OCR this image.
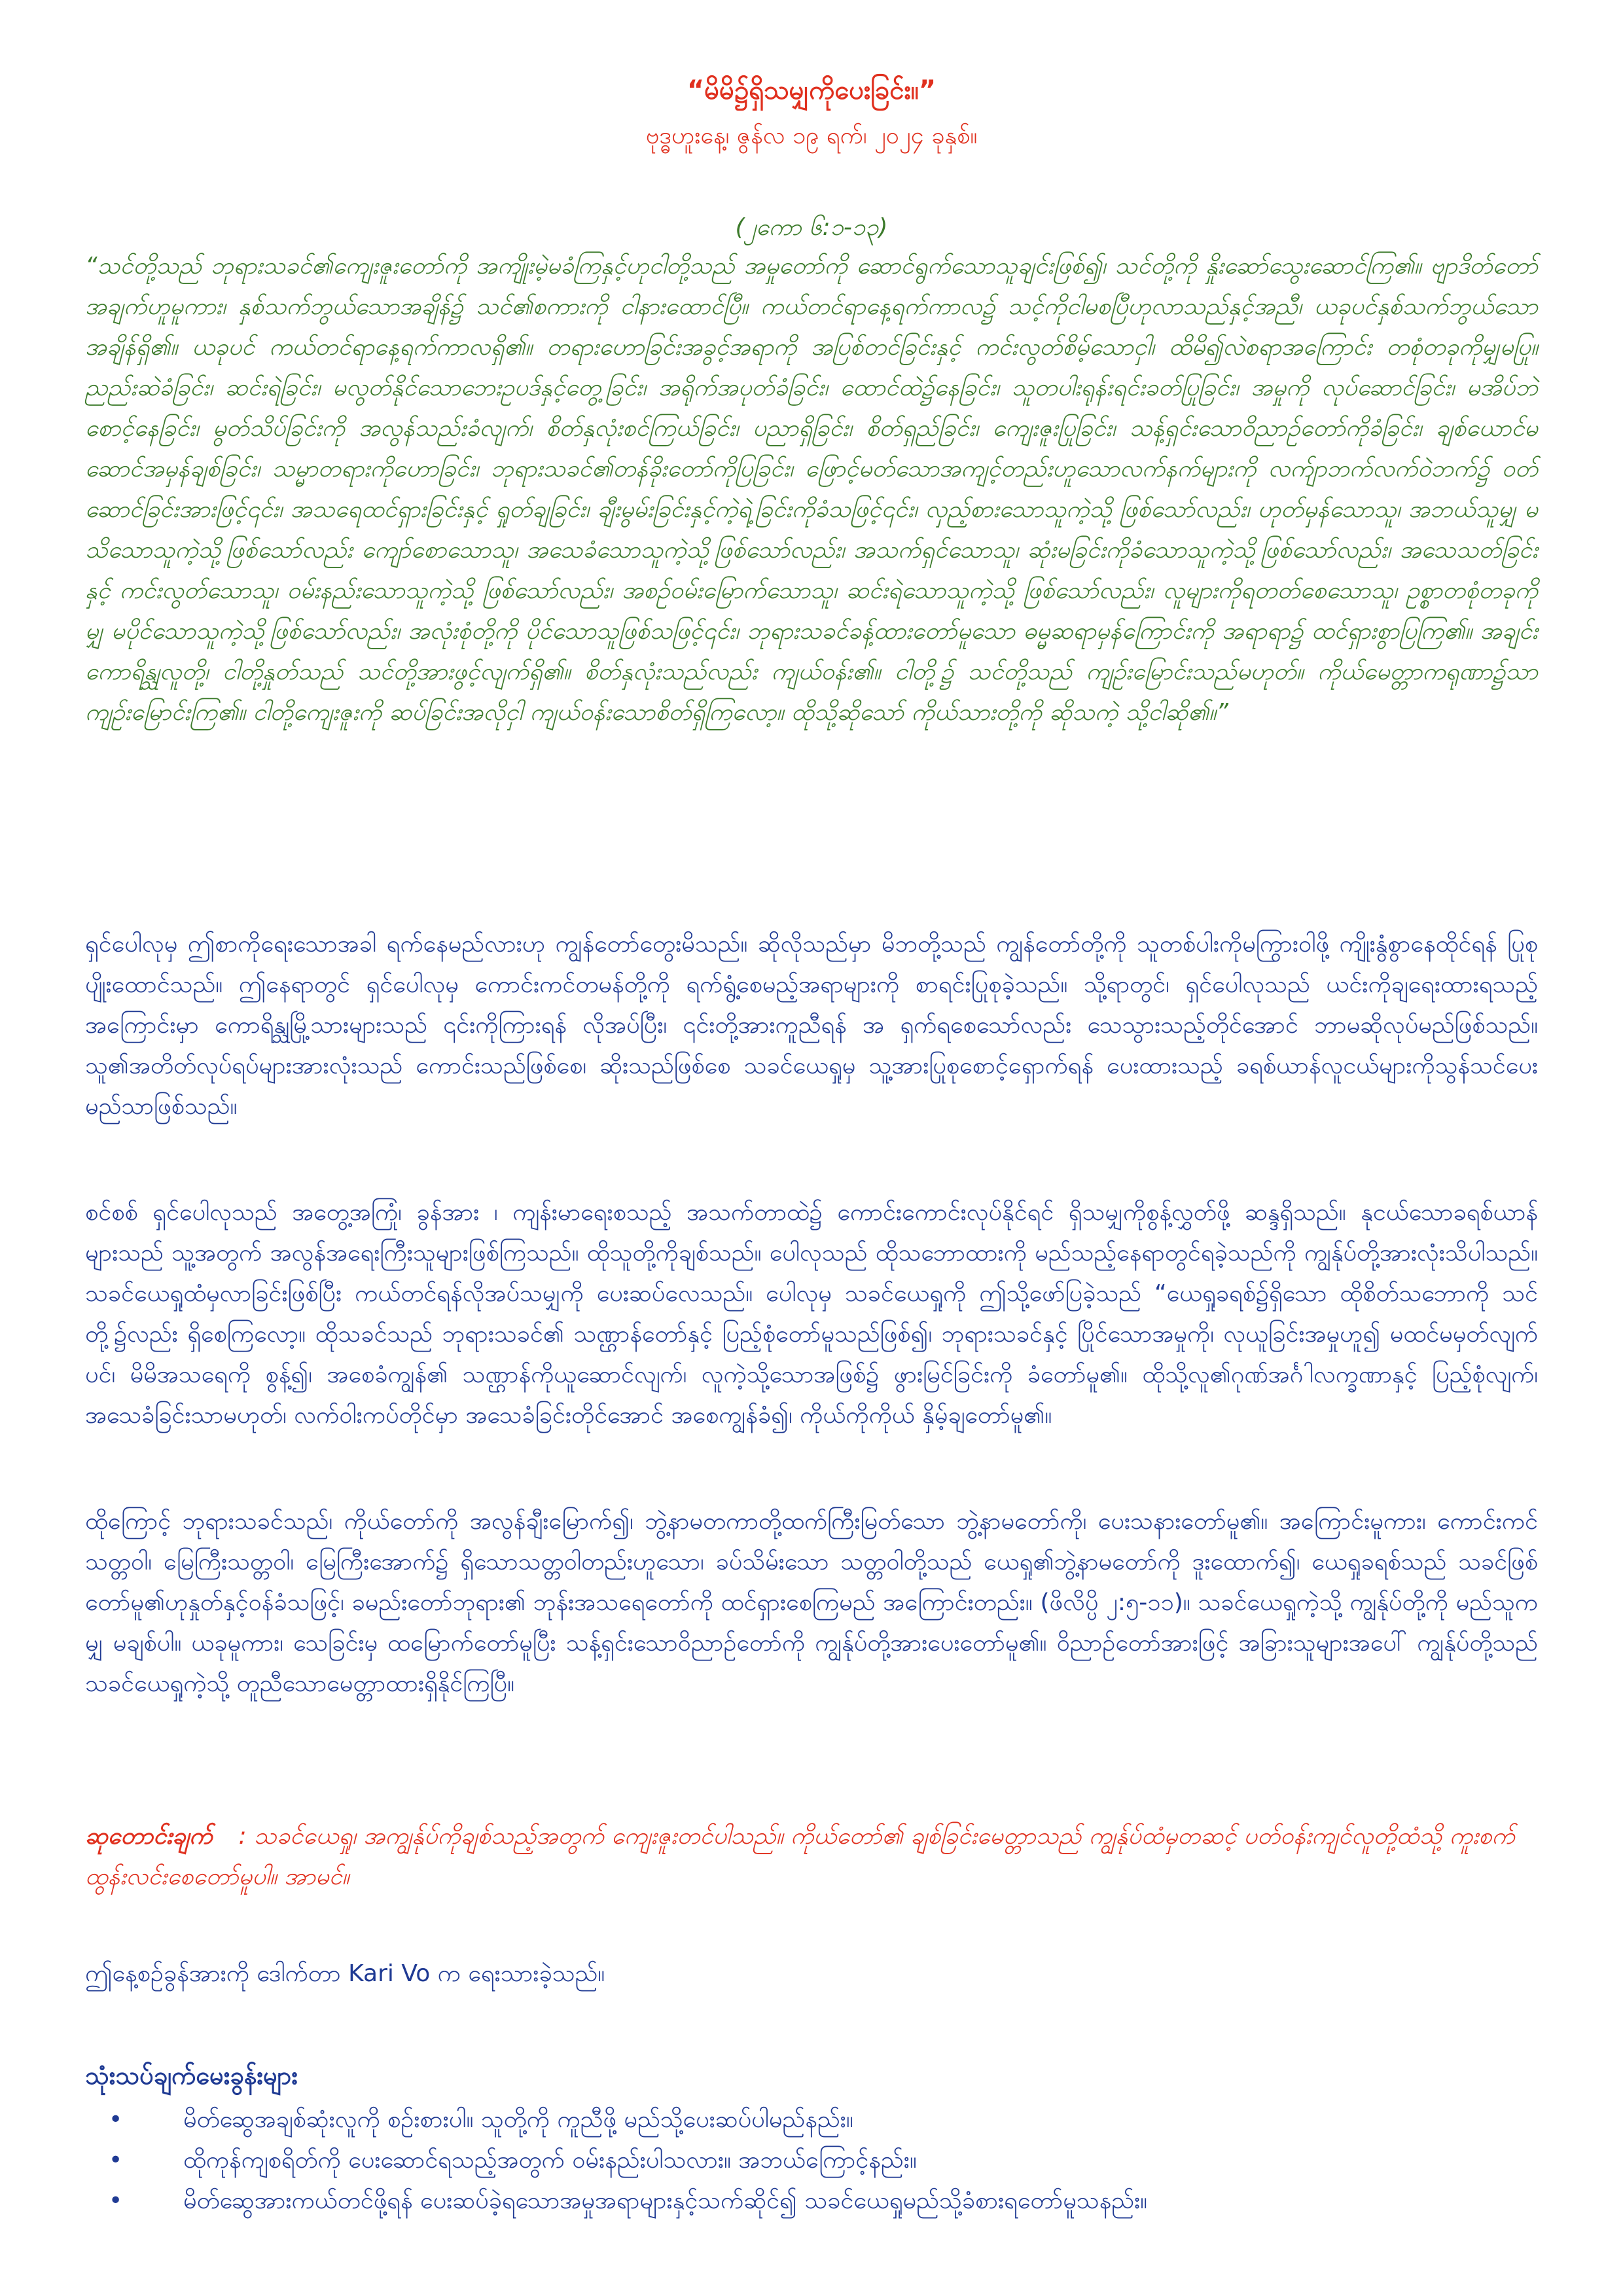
“မိမိ၌ရှိသမျှကိုပေးခြင်း။”
ဗုဒ္ဓဟူးနေ့၊ ဇွန်လ ၁၉ ရက်၊ ၂၀၂၄ ခုနှစ်။
(၂ကော ၆:၁-၁၃)
“သင်တို့သည် ဘုရားသခင်၏ကျေးဇူးတော်ကို အကျိုးမဲ့မခံကြနှင့်ဟုငါတို့သည် အမှုတော်ကို ဆောင်ရွက်သောသူချင်းဖြစ်၍၊ သင်တို့ကို နှိုးဆော်သွေးဆောင်ကြ၏။ ဗျာဒိတ်တော်အချက်ဟူမူကား၊ နှစ်သက်ဘွယ်သောအချိန်၌ သင်၏စကားကို ငါနားထောင်ပြီ။ ကယ်တင်ရာနေ့ရက်ကာလ၌ သင့်ကိုငါမစပြီဟုလာသည်နှင့်အညီ၊ ယခုပင်နှစ်သက်ဘွယ်သောအချိန်ရှိ၏။ ယခုပင် ကယ်တင်ရာနေ့ရက်ကာလရှိ၏။ တရားဟောခြင်းအခွင့်အရာကို အပြစ်တင်ခြင်းနှင့် ကင်းလွတ်စိမ့်သောငှါ၊ ထိမိ၍လဲစရာအကြောင်း တစုံတခုကိုမျှမပြု။ ညည်းဆဲခံခြင်း၊ ဆင်းရဲခြင်း၊ မလွတ်နိုင်သောဘေးဥပဒ်နှင့်တွေ့ခြင်း၊ အရိုက်အပုတ်ခံခြင်း၊ ထောင်ထဲ၌နေခြင်း၊ သူတပါးရုန်းရင်းခတ်ပြုခြင်း၊ အမှုကို လုပ်ဆောင်ခြင်း၊ မအိပ်ဘဲ စောင့်နေခြင်း၊ မွတ်သိပ်ခြင်းကို အလွန်သည်းခံလျက်၊ စိတ်နှလုံးစင်ကြယ်ခြင်း၊ ပညာရှိခြင်း၊ စိတ်ရှည်ခြင်း၊ ကျေးဇူးပြုခြင်း၊ သန့်ရှင်းသောဝိညာဉ်တော်ကိုခံခြင်း၊ ချစ်ယောင်မဆောင်အမှန်ချစ်ခြင်း၊ သမ္မာတရားကိုဟောခြင်း၊ ဘုရားသခင်၏တန်ခိုးတော်ကိုပြခြင်း၊ ဖြောင့်မတ်သောအကျင့်တည်းဟူသောလက်နက်များကို လက်ျာဘက်လက်ဝဲဘက်၌ ဝတ်ဆောင်ခြင်းအားဖြင့်၎င်း၊ အသရေထင်ရှားခြင်းနှင့် ရှုတ်ချခြင်း၊ ချီးမွမ်းခြင်းနှင့်ကဲ့ရဲ့ခြင်းကိုခံသဖြင့်၎င်း၊ လှည့်စားသောသူကဲ့သို့ ဖြစ်သော်လည်း၊ ဟုတ်မှန်သောသူ၊ အဘယ်သူမျှ မသိသောသူကဲ့သို့ဖြစ်သော်လည်း ကျော်စောသောသူ၊ အသေခံသောသူကဲ့သို့ဖြစ်သော်လည်း၊ အသက်ရှင်သောသူ၊ ဆုံးမခြင်းကိုခံသောသူကဲ့သို့ဖြစ်သော်လည်း၊ အသေသတ်ခြင်းနှင့် ကင်းလွတ်သောသူ၊ ဝမ်းနည်းသောသူကဲ့သို့ ဖြစ်သော်လည်း၊ အစဉ်ဝမ်းမြောက်သောသူ၊ ဆင်းရဲသောသူကဲ့သို့ ဖြစ်သော်လည်း၊ လူများကိုရတတ်စေသောသူ၊ ဥစ္စာတစုံတခုကိုမျှ မပိုင်သောသူကဲ့သို့ဖြစ်သော်လည်း၊ အလုံးစုံတို့ကို ပိုင်သောသူဖြစ်သဖြင့်၎င်း၊ ဘုရားသခင်ခန့်ထားတော်မူသော ဓမ္မဆရာမှန်ကြောင်းကို အရာရာ၌ ထင်ရှားစွာပြကြ၏။ အချင်းကောရိန္သုလူတို့၊ ငါတို့နှုတ်သည် သင်တို့အားဖွင့်လျက်ရှိ၏။ စိတ်နှလုံးသည်လည်း ကျယ်ဝန်း၏။ ငါတို့၌ သင်တို့သည် ကျဉ်းမြောင်းသည်မဟုတ်။ ကိုယ်မေတ္တာကရုဏာ၌သာ ကျဉ်းမြောင်းကြ၏။ ငါတို့ကျေးဇူးကို ဆပ်ခြင်းအလိုငှါ ကျယ်ဝန်းသောစိတ်ရှိကြလော့။ ထိုသို့ဆိုသော် ကိုယ်သားတို့ကို ဆိုသကဲ့ သို့ငါဆို၏။”
ရှင်ပေါလုမှ ဤစာကိုရေးသောအခါ ရက်နေမည်လားဟု ကျွန်တော်တွေးမိသည်။ ဆိုလိုသည်မှာ မိဘတို့သည် ကျွန်တော်တို့ကို သူတစ်ပါးကိုမကြွားဝါဖို့ ကျိုးနွံစွာနေထိုင်ရန် ပြုစုပျိုးထောင်သည်။ ဤနေရာတွင် ရှင်ပေါလုမှ ကောင်းကင်တမန်တို့ကို ရက်ရွံ့စေမည့်အရာများကို စာရင်းပြုစုခဲ့သည်။ သို့ရာတွင်၊ ရှင်ပေါလုသည် ယင်းကိုချရေးထားရသည့်အကြောင်းမှာ ကောရိန္သုမြို့သားများသည် ၎င်းကိုကြားရန် လိုအပ်ပြီး၊ ၎င်းတို့အားကူညီရန် အ ရှက်ရစေသော်လည်း သေသွားသည့်တိုင်အောင် ဘာမဆိုလုပ်မည်ဖြစ်သည်။ သူ၏အတိတ်လုပ်ရပ်များအားလုံးသည် ကောင်းသည်ဖြစ်စေ၊ ဆိုးသည်ဖြစ်စေ သခင်ယေရှုမှ သူ့အားပြုစုစောင့်ရှောက်ရန် ပေးထားသည့် ခရစ်ယာန်လူငယ်များကိုသွန်သင်ပေးမည်သာဖြစ်သည်။
စင်စစ် ရှင်ပေါလုသည် အတွေ့အကြုံ၊ ခွန်အား ၊ ကျန်းမာရေးစသည့် အသက်တာထဲ၌ ကောင်းကောင်းလုပ်နိုင်ရင် ရှိသမျှကိုစွန့်လွှတ်ဖို့ ဆန္ဒရှိသည်။ နုငယ်သောခရစ်ယာန်များသည် သူ့အတွက် အလွန်အရေးကြီးသူများဖြစ်ကြသည်။ ထိုသူတို့ကိုချစ်သည်။ ပေါလုသည် ထိုသဘောထားကို မည်သည့်နေရာတွင်ရခဲ့သည်ကို ကျွန်ုပ်တို့အားလုံးသိပါသည်။ သခင်ယေရှုထံမှလာခြင်းဖြစ်ပြီး ကယ်တင်ရန်လိုအပ်သမျှကို ပေးဆပ်လေသည်။ ပေါလုမှ သခင်ယေရှုကို ဤသို့ဖော်ပြခဲ့သည် “ယေရှုခရစ်၌ရှိသော ထိုစိတ်သဘောကို သင်တို့၌လည်း ရှိစေကြလော့။ ထိုသခင်သည် ဘုရားသခင်၏ သဏ္ဌာန်တော်နှင့် ပြည့်စုံတော်မူသည်ဖြစ်၍၊ ဘုရားသခင်နှင့် ပြိုင်သောအမှုကို၊ လုယူခြင်းအမှုဟူ၍ မထင်မမှတ်လျက်ပင်၊ မိမိအသရေကို စွန့်၍၊ အစေခံကျွန်၏ သဏ္ဌာန်ကိုယူဆောင်လျက်၊ လူကဲ့သို့သောအဖြစ်၌ ဖွားမြင်ခြင်းကို ခံတော်မူ၏။ ထိုသို့လူ၏ဂုဏ်အင်္ဂါလက္ခဏာနှင့် ပြည့်စုံလျက်၊ အသေခံခြင်းသာမဟုတ်၊ လက်ဝါးကပ်တိုင်မှာ အသေခံခြင်းတိုင်အောင် အစေကျွန်ခံ၍၊ ကိုယ်ကိုကိုယ် နှိမ့်ချတော်မူ၏။
ထိုကြောင့် ဘုရားသခင်သည်၊ ကိုယ်တော်ကို အလွန်ချီးမြောက်၍၊ ဘွဲ့နာမတကာတို့ထက်ကြီးမြတ်သော ဘွဲ့နာမတော်ကို၊ ပေးသနားတော်မူ၏။ အကြောင်းမူကား၊ ကောင်းကင်သတ္တဝါ၊ မြေကြီးသတ္တဝါ၊ မြေကြီးအောက်၌ ရှိသောသတ္တဝါတည်းဟူသော၊ ခပ်သိမ်းသော သတ္တဝါတို့သည် ယေရှု၏ဘွဲ့နာမတော်ကို ဒူးထောက်၍၊ ယေရှုခရစ်သည် သခင်ဖြစ်တော်မူ၏ဟုနှုတ်နှင့်ဝန်ခံသဖြင့်၊ ခမည်းတော်ဘုရား၏ ဘုန်းအသရေတော်ကို ထင်ရှားစေကြမည် အကြောင်းတည်း။ (ဖိလိပ္ပိ ၂:၅-၁၁)။ သခင်ယေရှုကဲ့သို့ ကျွန်ုပ်တို့ကို မည်သူကမျှ မချစ်ပါ။ ယခုမူကား၊ သေခြင်းမှ ထမြောက်တော်မူပြီး သန့်ရှင်းသောဝိညာဉ်တော်ကို ကျွန်ုပ်တို့အားပေးတော်မူ၏။ ဝိညာဉ်တော်အားဖြင့် အခြားသူများအပေါ် ကျွန်ုပ်တို့သည် သခင်ယေရှုကဲ့သို့ တူညီသောမေတ္တာထားရှိနိုင်ကြပြီ။
ဆုတောင်းချက် : သခင်ယေရှု၊ အကျွန်ုပ်ကိုချစ်သည့်အတွက် ကျေးဇူးတင်ပါသည်။ ကိုယ်တော်၏ ချစ်ခြင်းမေတ္တာသည် ကျွန်ုပ်ထံမှတဆင့် ပတ်ဝန်းကျင်လူတို့ထံသို့ ကူးစက်ထွန်းလင်းစေတော်မူပါ။ အာမင်။
ဤနေ့စဉ်ခွန်အားကို ဒေါက်တာ Kari Vo က ရေးသားခဲ့သည်။
သုံးသပ်ချက်မေးခွန်းများ
•	မိတ်ဆွေအချစ်ဆုံးလူကို စဉ်းစားပါ။ သူတို့ကို ကူညီဖို့ မည်သို့ပေးဆပ်ပါမည်နည်း။
•	ထိုကုန်ကျစရိတ်ကို ပေးဆောင်ရသည့်အတွက် ဝမ်းနည်းပါသလား။ အဘယ်ကြောင့်နည်း။
•	မိတ်ဆွေအားကယ်တင်ဖို့ရန် ပေးဆပ်ခဲ့ရသောအမှုအရာများနှင့်သက်ဆိုင်၍ သခင်ယေရှုမည်သို့ခံစားရတော်မူသနည်း။
